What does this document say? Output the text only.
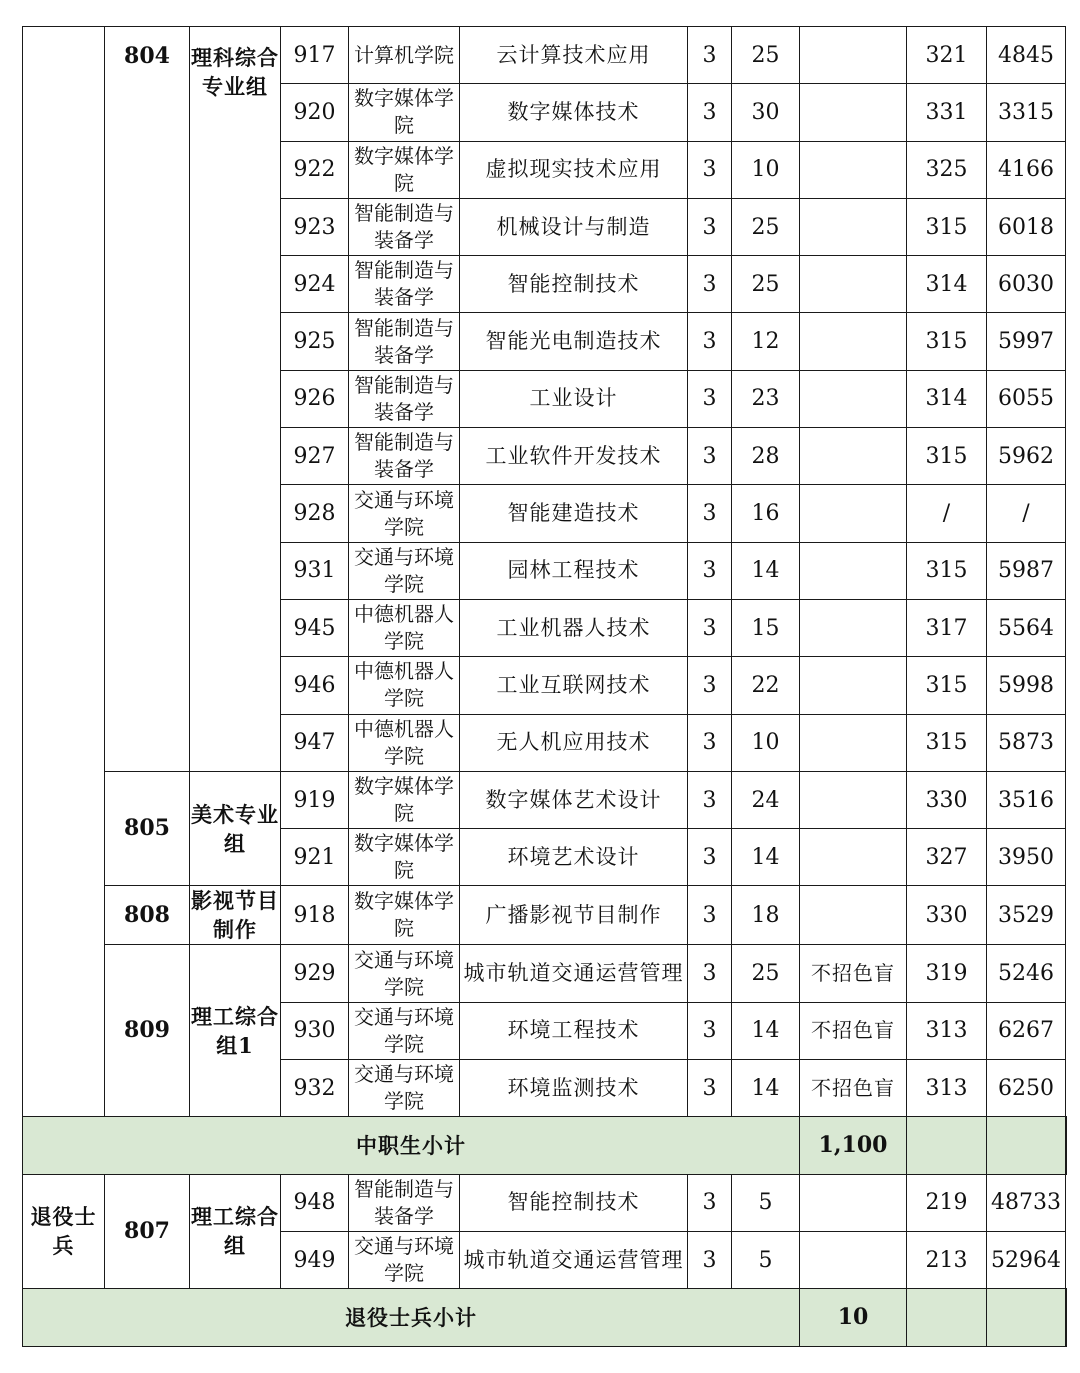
	804	理科综合专业组	917	计算机学院	云计算技术应用	3	25		321	4845	
			920	数字媒体学院	数字媒体技术	3	30		331	3315	
			922	数字媒体学院	虚拟现实技术应用	3	10		325	4166	
			923	智能制造与装备学	机械设计与制造	3	25		315	6018	
			924	智能制造与装备学	智能控制技术	3	25		314	6030	
			925	智能制造与装备学	智能光电制造技术	3	12		315	5997	
			926	智能制造与装备学	工业设计	3	23		314	6055	
			927	智能制造与装备学	工业软件开发技术	3	28		315	5962	
			928	交通与环境学院	智能建造技术	3	16		/	/	
			931	交通与环境学院	园林工程技术	3	14		315	5987	
			945	中德机器人学院	工业机器人技术	3	15		317	5564	
			946	中德机器人学院	工业互联网技术	3	22		315	5998	
			947	中德机器人学院	无人机应用技术	3	10		315	5873	
	805	美术专业组	919	数字媒体学院	数字媒体艺术设计	3	24		330	3516	
			921	数字媒体学院	环境艺术设计	3	14		327	3950	
	808	影视节目制作	918	数字媒体学院	广播影视节目制作	3	18		330	3529	
	809	理工综合组1	929	交通与环境学院	城市轨道交通运营管理	3	25	不招色盲	319	5246	
			930	交通与环境学院	环境工程技术	3	14	不招色盲	313	6267	
			932	交通与环境学院	环境监测技术	3	14	不招色盲	313	6250	
中职生小计								1,100			
退役士兵	807	理工综合组	948	智能制造与装备学	智能控制技术	3	5		219	48733	
			949	交通与环境学院	城市轨道交通运营管理	3	5		213	52964	
退役士兵小计								10			
